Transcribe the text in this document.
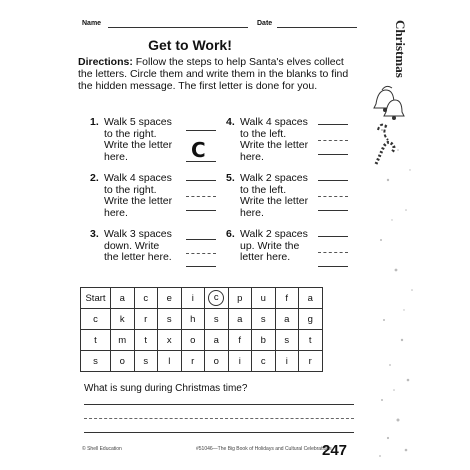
Name	Date	Christmas
Get to Work!
Directions: Follow the steps to help Santa's elves collect the letters. Circle them and write them in the blanks to find the hidden message. The first letter is done for you.
1. Walk 5 spaces to the right. Write the letter here.	C
2. Walk 4 spaces to the right. Write the letter here.
3. Walk 3 spaces down. Write the letter here.
4. Walk 4 spaces to the left. Write the letter here.
5. Walk 2 spaces to the left. Write the letter here.
6. Walk 2 spaces up. Write the letter here.
Start	a	c	e	i	c	p	u	f	a
c	k	r	s	h	s	a	s	a	g
t	m	t	x	o	a	f	b	s	t
s	o	s	l	r	o	i	c	i	r
What is sung during Christmas time?
© Shell Education	#51046—The Big Book of Holidays and Cultural Celebrations
247
